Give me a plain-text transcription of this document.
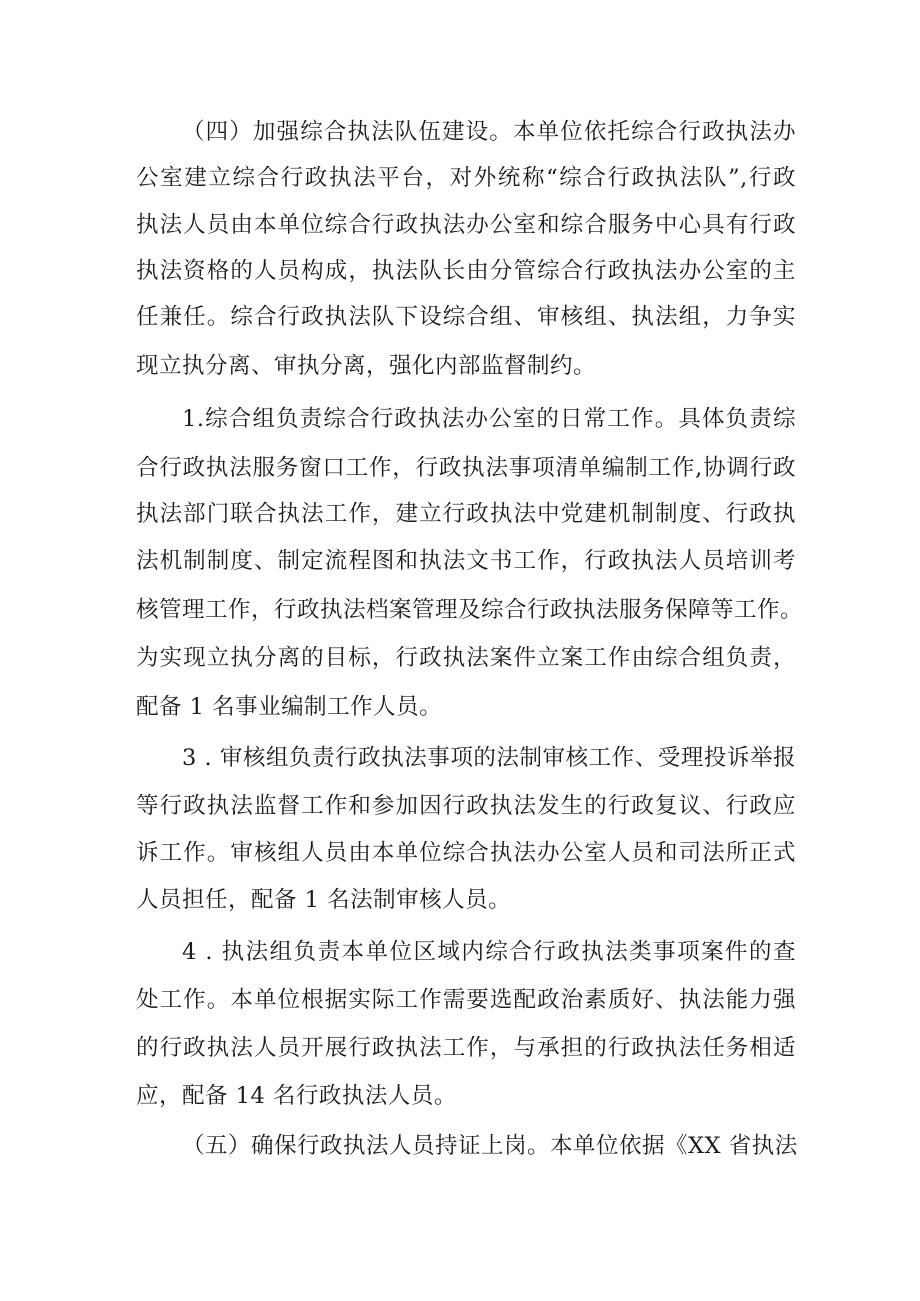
（四）加强综合执法队伍建设。本单位依托综合行政执法办
公室建立综合行政执法平台，对外统称“综合行政执法队”,行政
执法人员由本单位综合行政执法办公室和综合服务中心具有行政
执法资格的人员构成，执法队长由分管综合行政执法办公室的主
任兼任。综合行政执法队下设综合组、审核组、执法组，力争实
现立执分离、审执分离，强化内部监督制约。
1.综合组负责综合行政执法办公室的日常工作。具体负责综
合行政执法服务窗口工作，行政执法事项清单编制工作,协调行政
执法部门联合执法工作，建立行政执法中党建机制制度、行政执
法机制制度、制定流程图和执法文书工作，行政执法人员培训考
核管理工作，行政执法档案管理及综合行政执法服务保障等工作。
为实现立执分离的目标，行政执法案件立案工作由综合组负责，
配备 1 名事业编制工作人员。
3 . 审核组负责行政执法事项的法制审核工作、受理投诉举报
等行政执法监督工作和参加因行政执法发生的行政复议、行政应
诉工作。审核组人员由本单位综合执法办公室人员和司法所正式
人员担任，配备 1 名法制审核人员。
4 . 执法组负责本单位区域内综合行政执法类事项案件的查
处工作。本单位根据实际工作需要选配政治素质好、执法能力强
的行政执法人员开展行政执法工作，与承担的行政执法任务相适
应，配备 14 名行政执法人员。
（五）确保行政执法人员持证上岗。本单位依据《XX 省执法
